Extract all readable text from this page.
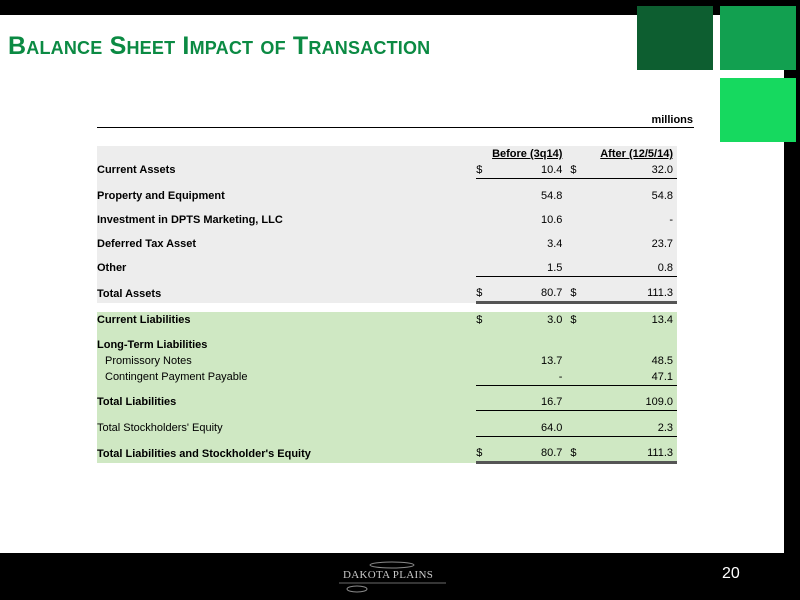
Balance Sheet Impact of Transaction
millions
		Before (3q14)		After (12/5/14)
Current Assets	$	10.4	$	32.0

Property and Equipment		54.8		54.8

Investment in DPTS Marketing, LLC		10.6		-

Deferred Tax Asset		3.4		23.7

Other		1.5		0.8

Total Assets	$	80.7	$	111.3

Current Liabilities	$	3.0	$	13.4

Long-Term Liabilities				
Promissory Notes		13.7		48.5
Contingent Payment Payable		-		47.1

Total Liabilities		16.7		109.0

Total Stockholders' Equity		64.0		2.3

Total Liabilities and Stockholder's Equity	$	80.7	$	111.3
DAKOTA PLAINS	20
